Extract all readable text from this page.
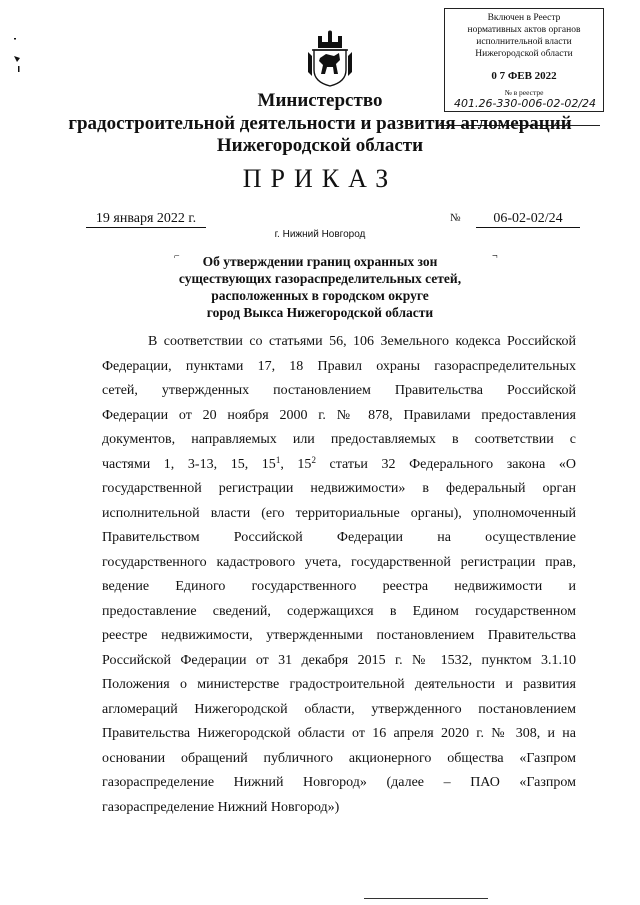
Включен в Реестр
нормативных актов органов
исполнительной власти
Нижегородской области
0 7 ФЕВ 2022
№ в реестре
401.26-330-006-02-02/24
Министерство
градостроительной деятельности и развития агломераций
Нижегородской области
ПРИКАЗ
19 января 2022 г.	№	06-02-02/24
г. Нижний Новгород
⌐	¬
Об утверждении границ охранных зон
существующих газораспределительных сетей,
расположенных в городском округе
город Выкса Нижегородской области
В соответствии со статьями 56, 106 Земельного кодекса Российской
Федерации, пунктами 17, 18 Правил охраны газораспределительных
сетей, утвержденных постановлением Правительства Российской
Федерации от 20 ноября 2000 г. № 878, Правилами предоставления
документов, направляемых или предоставляемых в соответствии с
частями 1, 3-13, 15, $15^1$, $15^2$ статьи 32 Федерального закона «О
государственной регистрации недвижимости» в федеральный орган
исполнительной власти (его территориальные органы), уполномоченный
Правительством Российской Федерации на осуществление
государственного кадастрового учета, государственной регистрации прав,
ведение Единого государственного реестра недвижимости и
предоставление сведений, содержащихся в Едином государственном
реестре недвижимости, утвержденными постановлением Правительства
Российской Федерации от 31 декабря 2015 г. № 1532, пунктом 3.1.10
Положения о министерстве градостроительной деятельности и развития
агломераций Нижегородской области, утвержденного постановлением
Правительства Нижегородской области от 16 апреля 2020 г. № 308, и на
основании обращений публичного акционерного общества «Газпром
газораспределение Нижний Новгород» (далее – ПАО «Газпром
газораспределение Нижний Новгород»)
